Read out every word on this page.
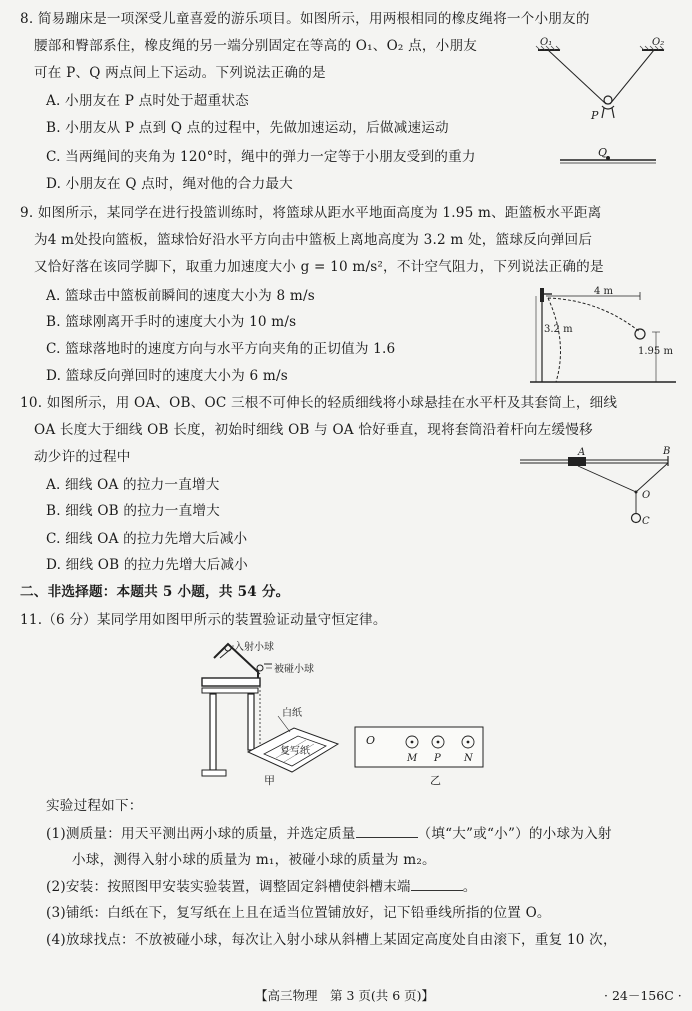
8. 简易蹦床是一项深受儿童喜爱的游乐项目。如图所示，用两根相同的橡皮绳将一个小朋友的
腰部和臀部系住，橡皮绳的另一端分别固定在等高的 O₁、O₂ 点，小朋友
可在 P、Q 两点间上下运动。下列说法正确的是
A. 小朋友在 P 点时处于超重状态
B. 小朋友从 P 点到 Q 点的过程中，先做加速运动，后做减速运动
C. 当两绳间的夹角为 120°时，绳中的弹力一定等于小朋友受到的重力
D. 小朋友在 Q 点时，绳对他的合力最大
O₁	O₂
P
Q
9. 如图所示，某同学在进行投篮训练时，将篮球从距水平地面高度为 1.95 m、距篮板水平距离
为4 m处投向篮板，篮球恰好沿水平方向击中篮板上离地高度为 3.2 m 处，篮球反向弹回后
又恰好落在该同学脚下，取重力加速度大小 g = 10 m/s²，不计空气阻力，下列说法正确的是
A. 篮球击中篮板前瞬间的速度大小为 8 m/s
B. 篮球刚离开手时的速度大小为 10 m/s
C. 篮球落地时的速度方向与水平方向夹角的正切值为 1.6
D. 篮球反向弹回时的速度大小为 6 m/s
4 m
3.2 m
1.95 m
10. 如图所示，用 OA、OB、OC 三根不可伸长的轻质细线将小球悬挂在水平杆及其套筒上，细线
OA 长度大于细线 OB 长度，初始时细线 OB 与 OA 恰好垂直，现将套筒沿着杆向左缓慢移
动少许的过程中
A. 细线 OA 的拉力一直增大
B. 细线 OB 的拉力一直增大
C. 细线 OA 的拉力先增大后减小
D. 细线 OB 的拉力先增大后减小
A	B
O
C
二、非选择题：本题共 5 小题，共 54 分。
11.（6 分）某同学用如图甲所示的装置验证动量守恒定律。
入射小球
被碰小球
白纸
复写纸
甲
O
M P N
乙
实验过程如下：
(1)测质量：用天平测出两小球的质量，并选定质量	（填“大”或“小”）的小球为入射
小球，测得入射小球的质量为 m₁，被碰小球的质量为 m₂。
(2)安装：按照图甲安装实验装置，调整固定斜槽使斜槽末端	。
(3)铺纸：白纸在下，复写纸在上且在适当位置铺放好，记下铅垂线所指的位置 O。
(4)放球找点：不放被碰小球，每次让入射小球从斜槽上某固定高度处自由滚下，重复 10 次，
【高三物理　第 3 页(共 6 页)】	· 24－156C ·
